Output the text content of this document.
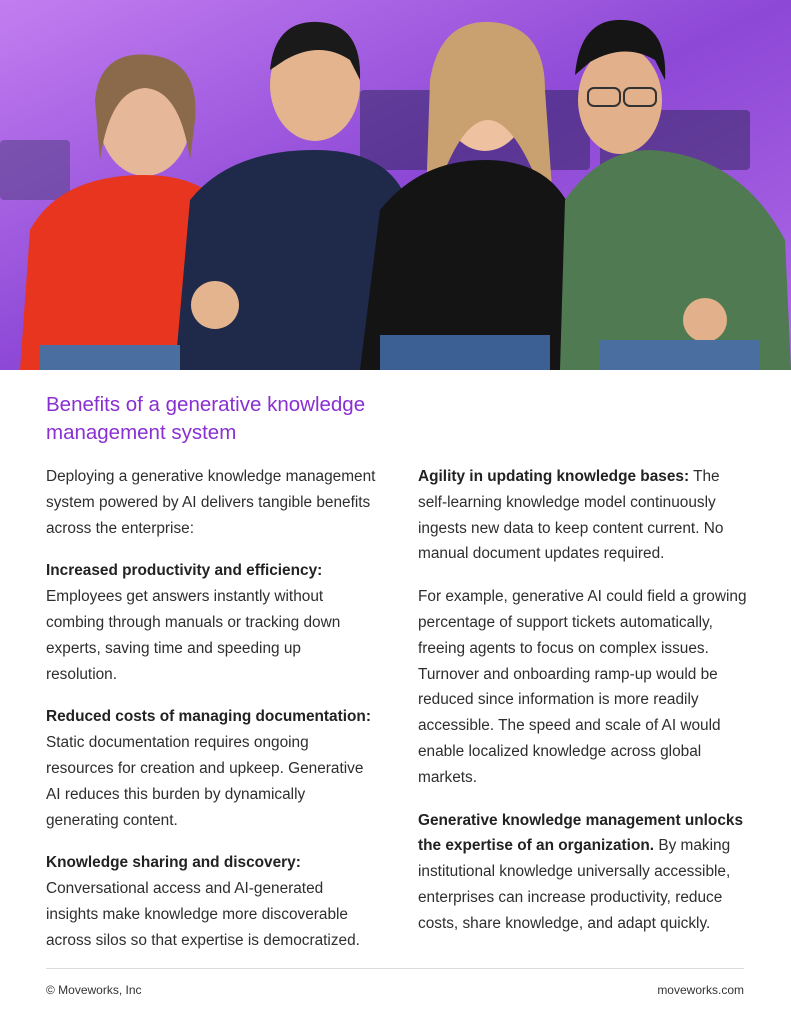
Benefits of a generative knowledge
management system

Deploying a generative knowledge management system powered by AI delivers tangible benefits across the enterprise:

Increased productivity and efficiency: Employees get answers instantly without combing through manuals or tracking down experts, saving time and speeding up resolution.

Reduced costs of managing documentation: Static documentation requires ongoing resources for creation and upkeep. Generative AI reduces this burden by dynamically generating content.

Knowledge sharing and discovery: Conversational access and AI-generated insights make knowledge more discoverable across silos so that expertise is democratized.

Agility in updating knowledge bases: The self-learning knowledge model continuously ingests new data to keep content current. No manual document updates required.

For example, generative AI could field a growing percentage of support tickets automatically, freeing agents to focus on complex issues. Turnover and onboarding ramp-up would be reduced since information is more readily accessible. The speed and scale of AI would enable localized knowledge across global markets.

Generative knowledge management unlocks the expertise of an organization. By making institutional knowledge universally accessible, enterprises can increase productivity, reduce costs, share knowledge, and adapt quickly.

© Moveworks, Inc	moveworks.com
